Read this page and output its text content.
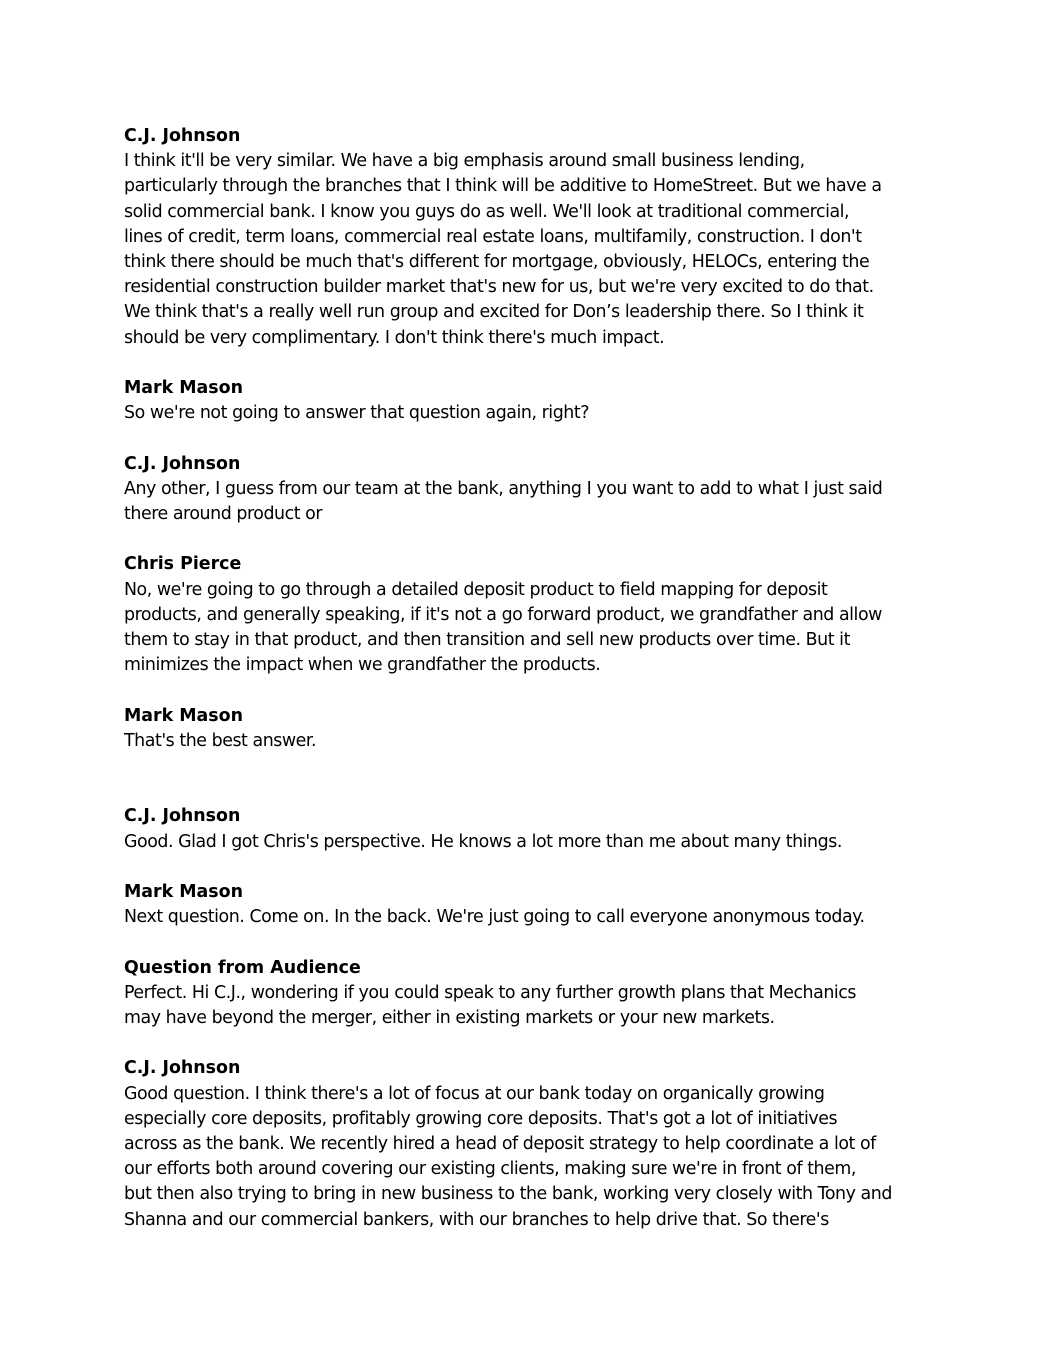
C.J. Johnson

I think it'll be very similar. We have a big emphasis around small business lending,

particularly through the branches that I think will be additive to HomeStreet. But we have a

solid commercial bank. I know you guys do as well. We'll look at traditional commercial,

lines of credit, term loans, commercial real estate loans, multifamily, construction. I don't

think there should be much that's different for mortgage, obviously, HELOCs, entering the

residential construction builder market that's new for us, but we're very excited to do that.

We think that's a really well run group and excited for Don’s leadership there. So I think it

should be very complimentary. I don't think there's much impact.

Mark Mason

So we're not going to answer that question again, right?

C.J. Johnson

Any other, I guess from our team at the bank, anything I you want to add to what I just said

there around product or

Chris Pierce

No, we're going to go through a detailed deposit product to field mapping for deposit

products, and generally speaking, if it's not a go forward product, we grandfather and allow

them to stay in that product, and then transition and sell new products over time. But it

minimizes the impact when we grandfather the products.

Mark Mason

That's the best answer.

C.J. Johnson

Good. Glad I got Chris's perspective. He knows a lot more than me about many things.

Mark Mason

Next question. Come on. In the back. We're just going to call everyone anonymous today.

Question from Audience

Perfect. Hi C.J., wondering if you could speak to any further growth plans that Mechanics

may have beyond the merger, either in existing markets or your new markets.

C.J. Johnson

Good question. I think there's a lot of focus at our bank today on organically growing

especially core deposits, profitably growing core deposits. That's got a lot of initiatives

across as the bank. We recently hired a head of deposit strategy to help coordinate a lot of

our efforts both around covering our existing clients, making sure we're in front of them,

but then also trying to bring in new business to the bank, working very closely with Tony and

Shanna and our commercial bankers, with our branches to help drive that. So there's
